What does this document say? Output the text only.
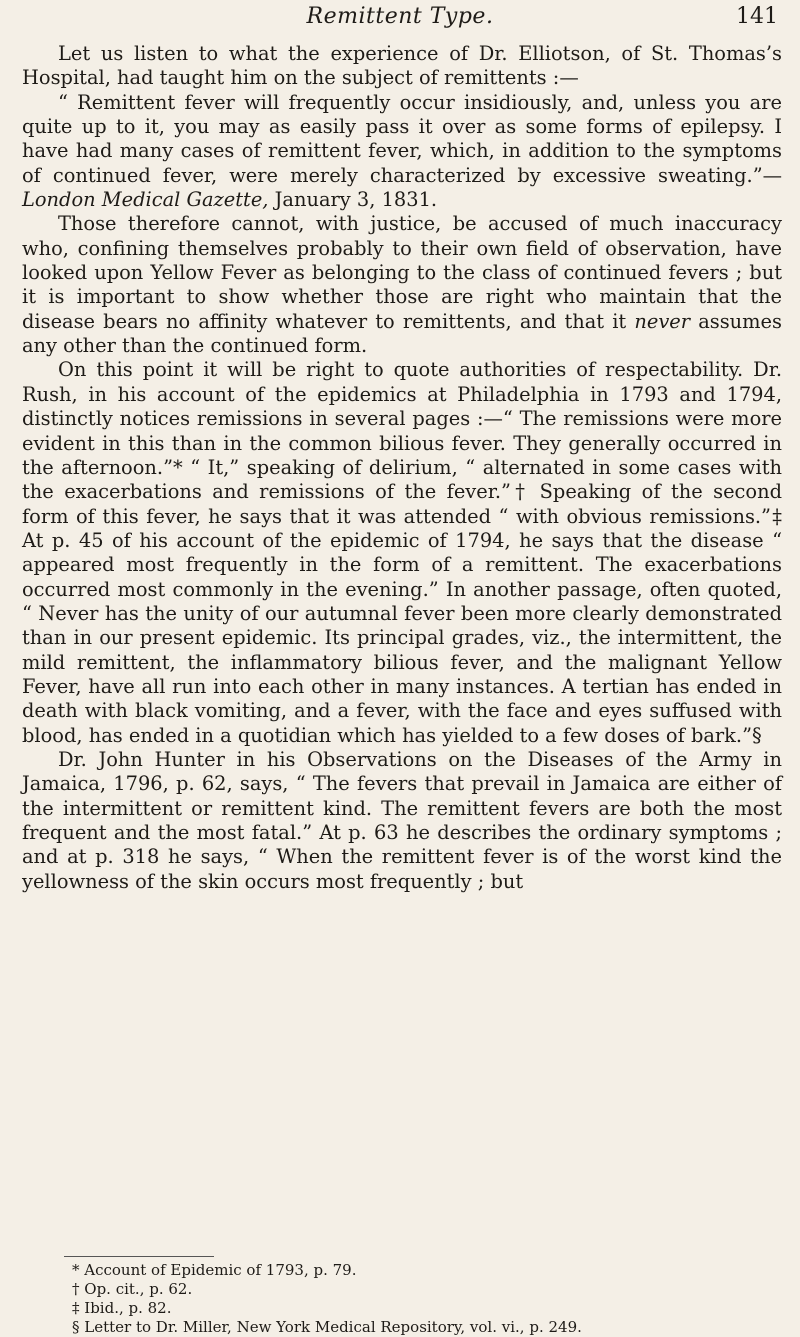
Remittent Type.	141

Let us listen to what the experience of Dr. Elliotson, of St. Thomas’s Hospital, had taught him on the subject of remittents :—

“ Remittent fever will frequently occur insidiously, and, unless you are quite up to it, you may as easily pass it over as some forms of epilepsy. I have had many cases of remittent fever, which, in addition to the symptoms of continued fever, were merely characterized by excessive sweating.”—London Medical Gazette, January 3, 1831.

Those therefore cannot, with justice, be accused of much inaccuracy who, confining themselves probably to their own field of observation, have looked upon Yellow Fever as belonging to the class of continued fevers ; but it is important to show whether those are right who maintain that the disease bears no affinity whatever to remittents, and that it never assumes any other than the continued form.

On this point it will be right to quote authorities of respectability. Dr. Rush, in his account of the epidemics at Philadelphia in 1793 and 1794, distinctly notices remissions in several pages :—“ The remissions were more evident in this than in the common bilious fever. They generally occurred in the afternoon.”* “ It,” speaking of delirium, “ alternated in some cases with the exacerbations and remissions of the fever.”† Speaking of the second form of this fever, he says that it was attended “ with obvious remissions.”‡ At p. 45 of his account of the epidemic of 1794, he says that the disease “ appeared most frequently in the form of a remittent. The exacerbations occurred most commonly in the evening.” In another passage, often quoted, “ Never has the unity of our autumnal fever been more clearly demonstrated than in our present epidemic. Its principal grades, viz., the intermittent, the mild remittent, the inflammatory bilious fever, and the malignant Yellow Fever, have all run into each other in many instances. A tertian has ended in death with black vomiting, and a fever, with the face and eyes suffused with blood, has ended in a quotidian which has yielded to a few doses of bark.”§

Dr. John Hunter in his Observations on the Diseases of the Army in Jamaica, 1796, p. 62, says, “ The fevers that prevail in Jamaica are either of the intermittent or remittent kind. The remittent fevers are both the most frequent and the most fatal.” At p. 63 he describes the ordinary symptoms ; and at p. 318 he says, “ When the remittent fever is of the worst kind the yellowness of the skin occurs most frequently ; but

* Account of Epidemic of 1793, p. 79.

† Op. cit., p. 62.

‡ Ibid., p. 82.

§ Letter to Dr. Miller, New York Medical Repository, vol. vi., p. 249.
